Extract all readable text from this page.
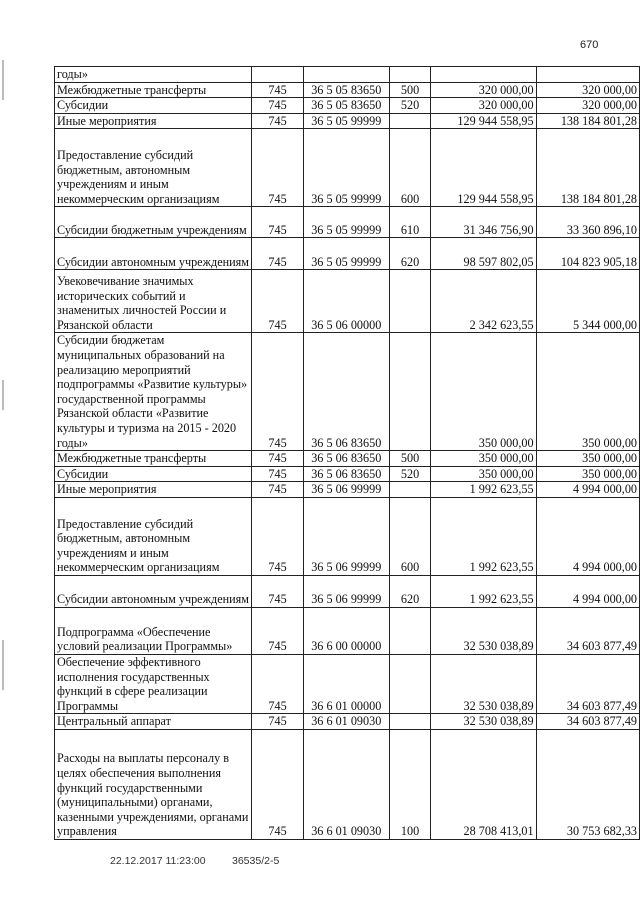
670
годы»					
Межбюджетные трансферты	745	36 5 05 83650	500	320 000,00	320 000,00
Субсидии	745	36 5 05 83650	520	320 000,00	320 000,00
Иные мероприятия	745	36 5 05 99999		129 944 558,95	138 184 801,28
Предоставление субсидий бюджетным, автономным учреждениям и иным некоммерческим организациям	745	36 5 05 99999	600	129 944 558,95	138 184 801,28
Субсидии бюджетным учреждениям	745	36 5 05 99999	610	31 346 756,90	33 360 896,10
Субсидии автономным учреждениям	745	36 5 05 99999	620	98 597 802,05	104 823 905,18
Увековечивание значимых исторических событий и знаменитых личностей России и Рязанской области	745	36 5 06 00000		2 342 623,55	5 344 000,00
Субсидии бюджетам муниципальных образований на реализацию мероприятий подпрограммы «Развитие культуры» государственной программы Рязанской области «Развитие культуры и туризма на 2015 - 2020 годы»	745	36 5 06 83650		350 000,00	350 000,00
Межбюджетные трансферты	745	36 5 06 83650	500	350 000,00	350 000,00
Субсидии	745	36 5 06 83650	520	350 000,00	350 000,00
Иные мероприятия	745	36 5 06 99999		1 992 623,55	4 994 000,00
Предоставление субсидий бюджетным, автономным учреждениям и иным некоммерческим организациям	745	36 5 06 99999	600	1 992 623,55	4 994 000,00
Субсидии автономным учреждениям	745	36 5 06 99999	620	1 992 623,55	4 994 000,00
Подпрограмма «Обеспечение условий реализации Программы»	745	36 6 00 00000		32 530 038,89	34 603 877,49
Обеспечение эффективного исполнения государственных функций в сфере реализации Программы	745	36 6 01 00000		32 530 038,89	34 603 877,49
Центральный аппарат	745	36 6 01 09030		32 530 038,89	34 603 877,49
Расходы на выплаты персоналу в целях обеспечения выполнения функций государственными (муниципальными) органами, казенными учреждениями, органами управления	745	36 6 01 09030	100	28 708 413,01	30 753 682,33
22.12.2017 11:23:00	36535/2-5
